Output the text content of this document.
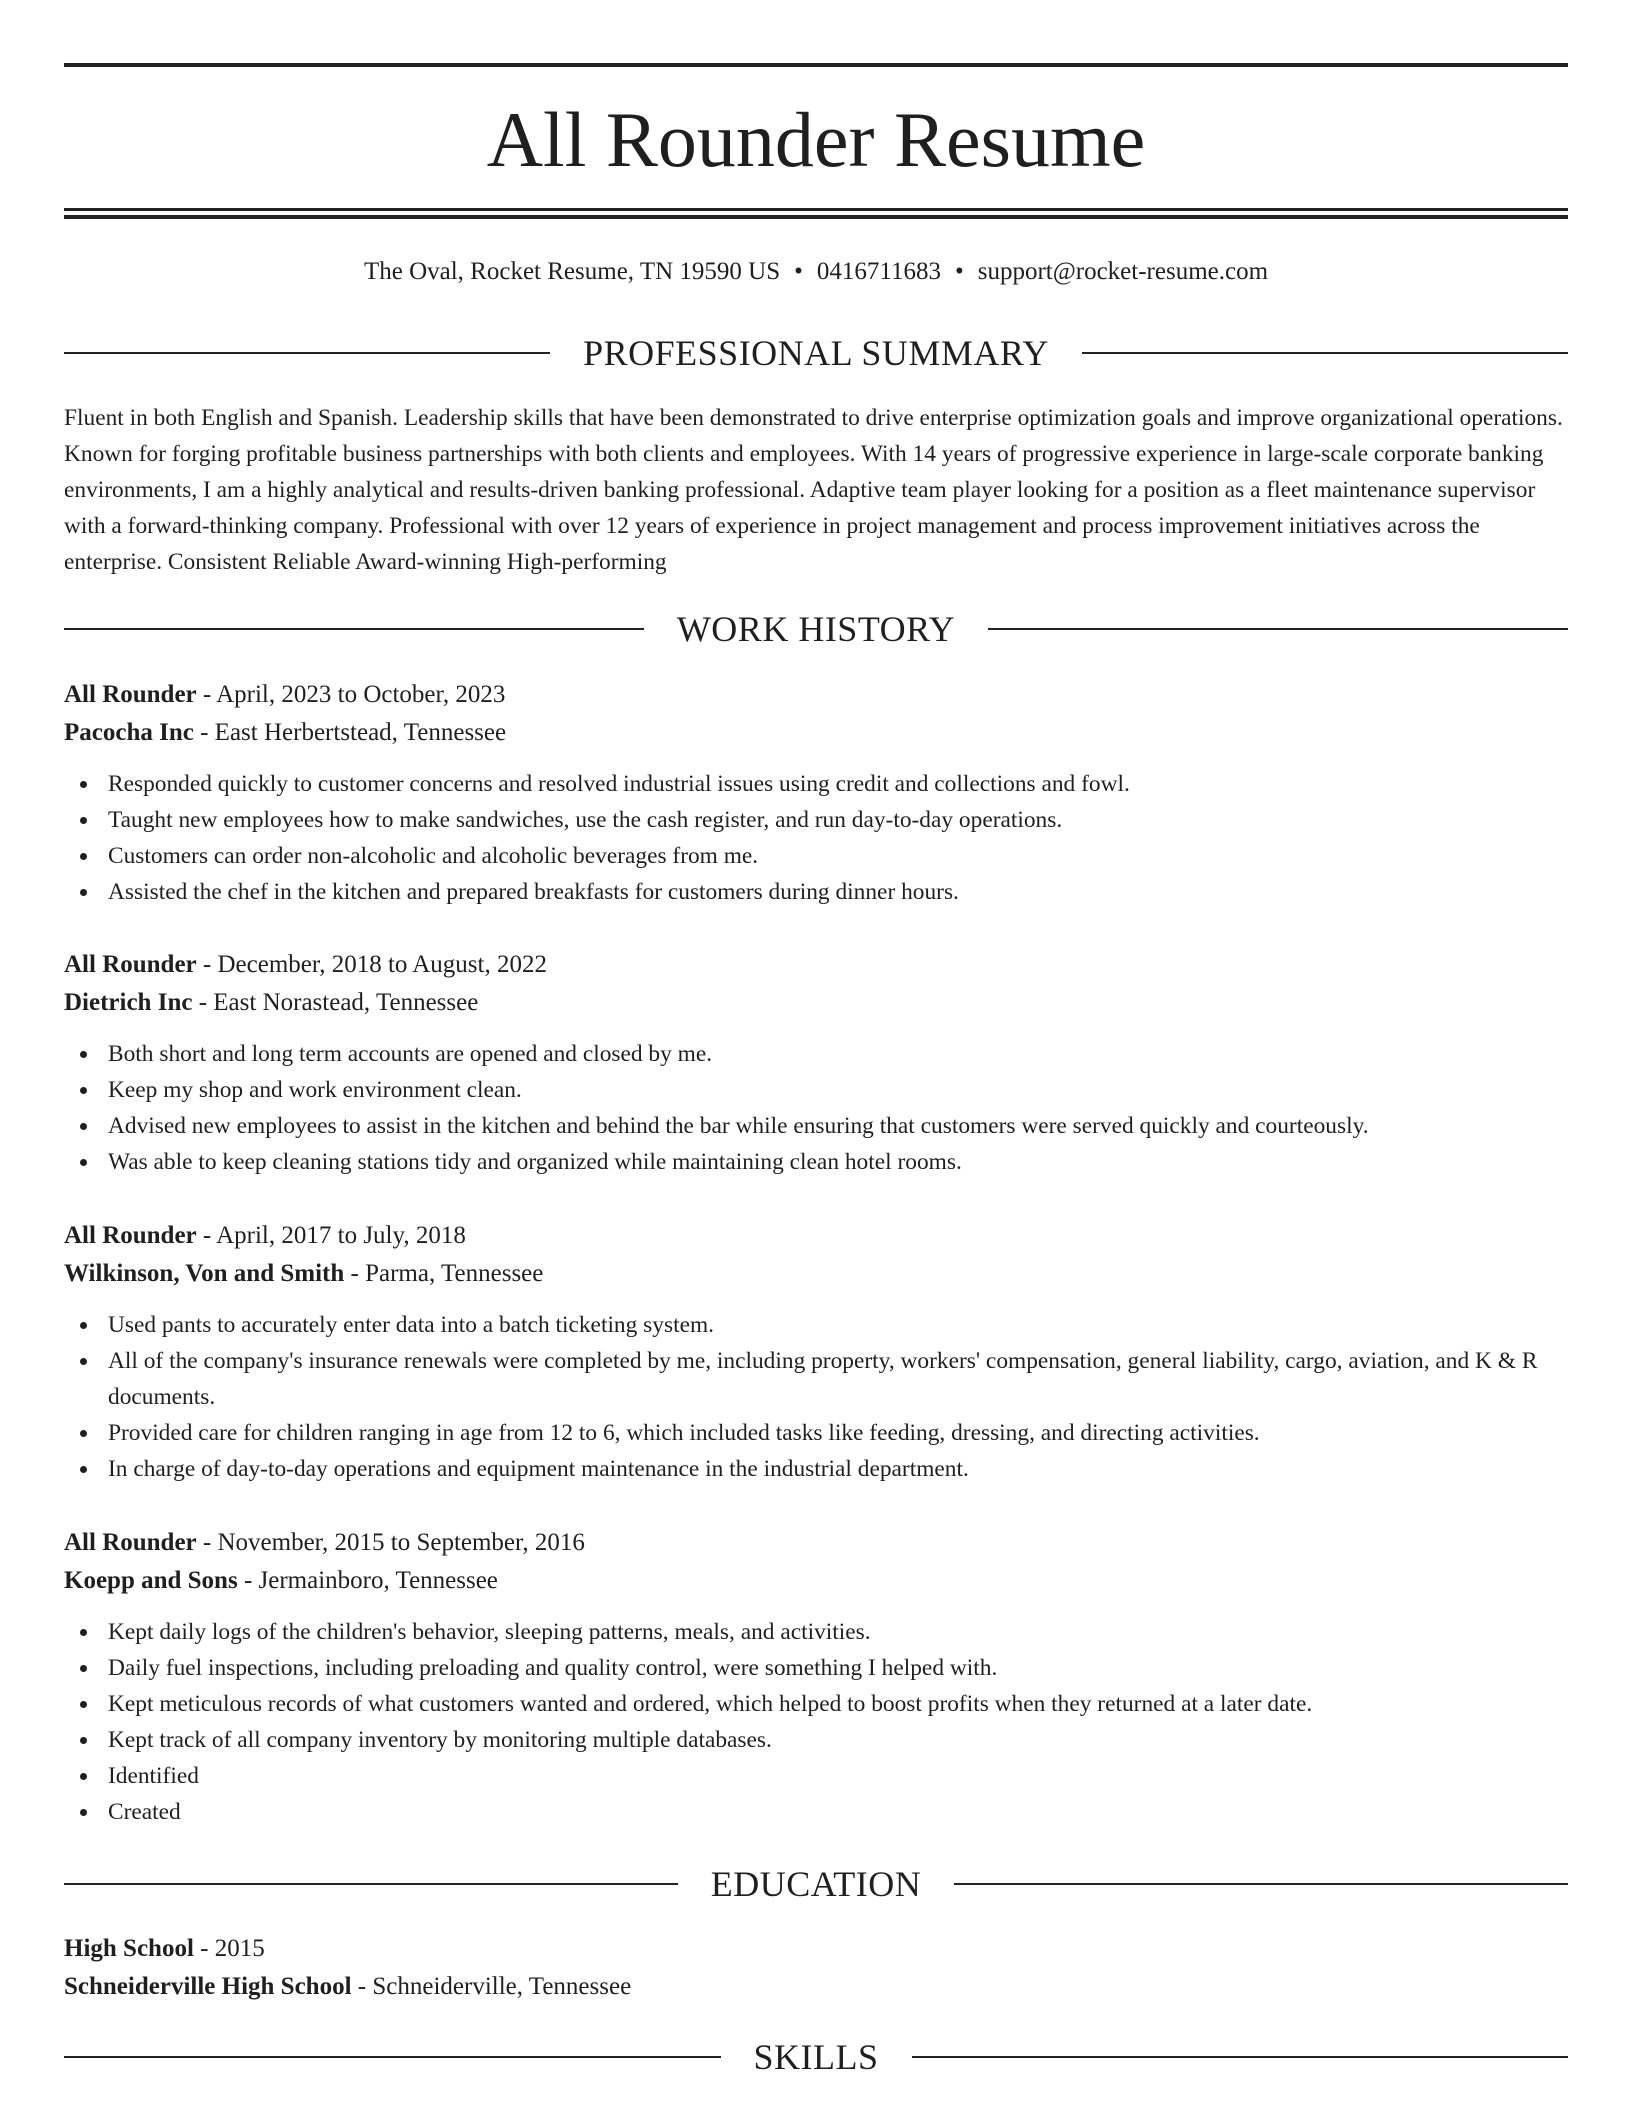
All Rounder Resume
The Oval, Rocket Resume, TN 19590 US • 0416711683 • support@rocket-resume.com
PROFESSIONAL SUMMARY

Fluent in both English and Spanish. Leadership skills that have been demonstrated to drive enterprise optimization goals and improve organizational operations. Known for forging profitable business partnerships with both clients and employees. With 14 years of progressive experience in large-scale corporate banking environments, I am a highly analytical and results-driven banking professional. Adaptive team player looking for a position as a fleet maintenance supervisor with a forward-thinking company. Professional with over 12 years of experience in project management and process improvement initiatives across the enterprise. Consistent Reliable Award-winning High-performing

WORK HISTORY
All Rounder - April, 2023 to October, 2023
Pacocha Inc - East Herbertstead, Tennessee
Responded quickly to customer concerns and resolved industrial issues using credit and collections and fowl.
Taught new employees how to make sandwiches, use the cash register, and run day-to-day operations.
Customers can order non-alcoholic and alcoholic beverages from me.
Assisted the chef in the kitchen and prepared breakfasts for customers during dinner hours.
All Rounder - December, 2018 to August, 2022
Dietrich Inc - East Norastead, Tennessee
Both short and long term accounts are opened and closed by me.
Keep my shop and work environment clean.
Advised new employees to assist in the kitchen and behind the bar while ensuring that customers were served quickly and courteously.
Was able to keep cleaning stations tidy and organized while maintaining clean hotel rooms.
All Rounder - April, 2017 to July, 2018
Wilkinson, Von and Smith - Parma, Tennessee
Used pants to accurately enter data into a batch ticketing system.
All of the company's insurance renewals were completed by me, including property, workers' compensation, general liability, cargo, aviation, and K & R documents.
Provided care for children ranging in age from 12 to 6, which included tasks like feeding, dressing, and directing activities.
In charge of day-to-day operations and equipment maintenance in the industrial department.
All Rounder - November, 2015 to September, 2016
Koepp and Sons - Jermainboro, Tennessee
Kept daily logs of the children's behavior, sleeping patterns, meals, and activities.
Daily fuel inspections, including preloading and quality control, were something I helped with.
Kept meticulous records of what customers wanted and ordered, which helped to boost profits when they returned at a later date.
Kept track of all company inventory by monitoring multiple databases.
Identified
Created
EDUCATION
High School - 2015
Schneiderville High School - Schneiderville, Tennessee
SKILLS
